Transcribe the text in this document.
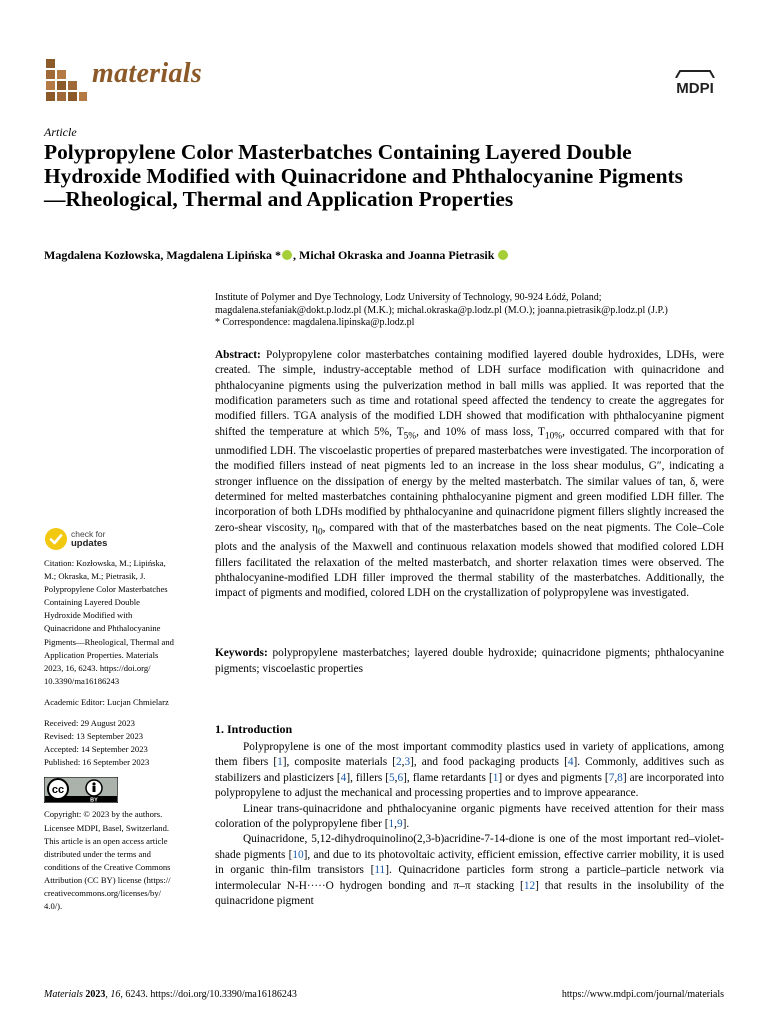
materials	MDPI
Article
Polypropylene Color Masterbatches Containing Layered Double Hydroxide Modified with Quinacridone and Phthalocyanine Pigments—Rheological, Thermal and Application Properties
Magdalena Kozłowska, Magdalena Lipińska * , Michał Okraska and Joanna Pietrasik
Institute of Polymer and Dye Technology, Lodz University of Technology, 90-924 Łódź, Poland;
magdalena.stefaniak@dokt.p.lodz.pl (M.K.); michal.okraska@p.lodz.pl (M.O.); joanna.pietrasik@p.lodz.pl (J.P.)
* Correspondence: magdalena.lipinska@p.lodz.pl
Abstract: Polypropylene color masterbatches containing modified layered double hydroxides, LDHs, were created. The simple, industry-acceptable method of LDH surface modification with quinacridone and phthalocyanine pigments using the pulverization method in ball mills was applied. It was reported that the modification parameters such as time and rotational speed affected the tendency to create the aggregates for modified fillers. TGA analysis of the modified LDH showed that modification with phthalocyanine pigment shifted the temperature at which 5%, $T_{5\%}$, and 10% of mass loss, $T_{10\%}$, occurred compared with that for unmodified LDH. The viscoelastic properties of prepared masterbatches were investigated. The incorporation of the modified fillers instead of neat pigments led to an increase in the loss shear modulus, G″, indicating a stronger influence on the dissipation of energy by the melted masterbatch. The similar values of tan, δ, were determined for melted masterbatches containing phthalocyanine pigment and green modified LDH filler. The incorporation of both LDHs modified by phthalocyanine and quinacridone pigment fillers slightly increased the zero-shear viscosity, $\eta_0$, compared with that of the masterbatches based on the neat pigments. The Cole–Cole plots and the analysis of the Maxwell and continuous relaxation models showed that modified colored LDH fillers facilitated the relaxation of the melted masterbatch, and shorter relaxation times were observed. The phthalocyanine-modified LDH filler improved the thermal stability of the masterbatches. Additionally, the impact of pigments and modified, colored LDH on the crystallization of polypropylene was investigated.
Keywords: polypropylene masterbatches; layered double hydroxide; quinacridone pigments; phthalocyanine pigments; viscoelastic properties
check for
updates
Citation: Kozłowska, M.; Lipińska,
M.; Okraska, M.; Pietrasik, J.
Polypropylene Color Masterbatches
Containing Layered Double
Hydroxide Modified with
Quinacridone and Phthalocyanine
Pigments—Rheological, Thermal and
Application Properties. Materials
2023, 16, 6243. https://doi.org/
10.3390/ma16186243
Academic Editor: Lucjan Chmielarz
Received: 29 August 2023
Revised: 13 September 2023
Accepted: 14 September 2023
Published: 16 September 2023
cc
BY
Copyright: © 2023 by the authors.
Licensee MDPI, Basel, Switzerland.
This article is an open access article
distributed under the terms and
conditions of the Creative Commons
Attribution (CC BY) license (https://
creativecommons.org/licenses/by/
4.0/).
1. Introduction

Polypropylene is one of the most important commodity plastics used in variety of applications, among them fibers [1], composite materials [2,3], and food packaging products [4]. Commonly, additives such as stabilizers and plasticizers [4], fillers [5,6], flame retardants [1] or dyes and pigments [7,8] are incorporated into polypropylene to adjust the mechanical and processing properties and to improve appearance.

Linear trans-quinacridone and phthalocyanine organic pigments have received attention for their mass coloration of the polypropylene fiber [1,9].

Quinacridone, 5,12-dihydroquinolino(2,3-b)acridine-7-14-dione is one of the most important red–violet-shade pigments [10], and due to its photovoltaic activity, efficient emission, effective carrier mobility, it is used in organic thin-film transistors [11]. Quinacridone particles form strong a particle–particle network via intermolecular N-H·····O hydrogen bonding and π–π stacking [12] that results in the insolubility of the quinacridone pigment

Materials 2023, 16, 6243. https://doi.org/10.3390/ma16186243	https://www.mdpi.com/journal/materials
